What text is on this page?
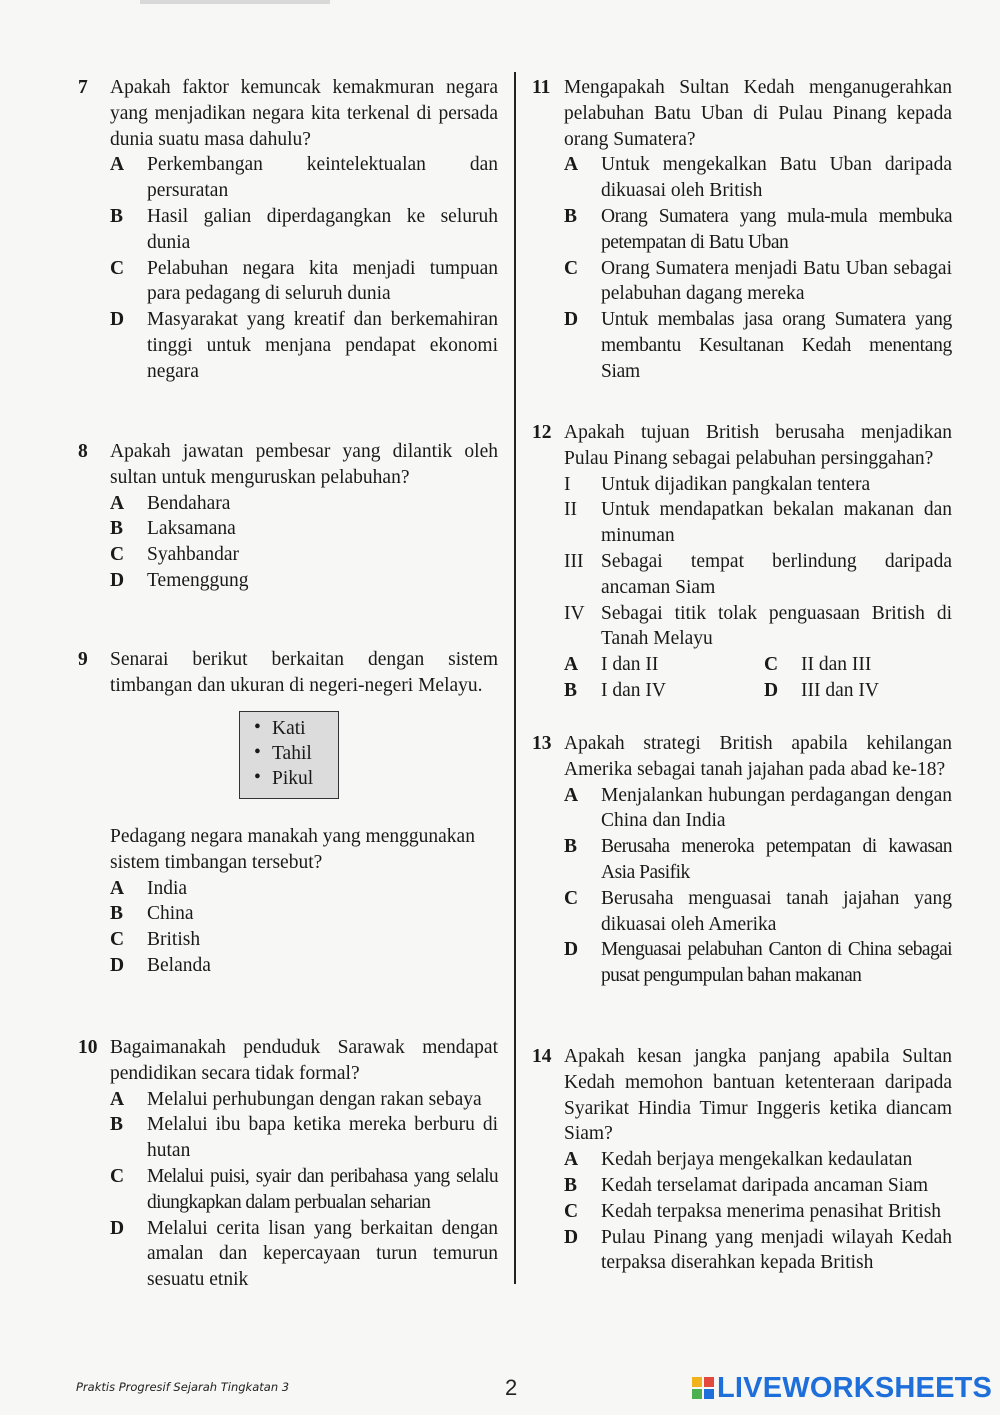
7 Apakah faktor kemuncak kemakmuran negara yang menjadikan negara kita terkenal di persada dunia suatu masa dahulu?
A Perkembangan keintelektualan dan persuratan
B Hasil galian diperdagangkan ke seluruh dunia
C Pelabuhan negara kita menjadi tumpuan para pedagang di seluruh dunia
D Masyarakat yang kreatif dan berkemahiran tinggi untuk menjana pendapat ekonomi negara
8 Apakah jawatan pembesar yang dilantik oleh sultan untuk menguruskan pelabuhan?
A Bendahara
B Laksamana
C Syahbandar
D Temenggung
9 Senarai berikut berkaitan dengan sistem timbangan dan ukuran di negeri-negeri Melayu.
• Kati
• Tahil
• Pikul
Pedagang negara manakah yang menggunakan sistem timbangan tersebut?
A India
B China
C British
D Belanda
10 Bagaimanakah penduduk Sarawak mendapat pendidikan secara tidak formal?
A Melalui perhubungan dengan rakan sebaya
B Melalui ibu bapa ketika mereka berburu di hutan
C Melalui puisi, syair dan peribahasa yang selalu diungkapkan dalam perbualan seharian
D Melalui cerita lisan yang berkaitan dengan amalan dan kepercayaan turun temurun sesuatu etnik
11 Mengapakah Sultan Kedah menganugerahkan pelabuhan Batu Uban di Pulau Pinang kepada orang Sumatera?
A Untuk mengekalkan Batu Uban daripada dikuasai oleh British
B Orang Sumatera yang mula-mula membuka petempatan di Batu Uban
C Orang Sumatera menjadi Batu Uban sebagai pelabuhan dagang mereka
D Untuk membalas jasa orang Sumatera yang membantu Kesultanan Kedah menentang Siam
12 Apakah tujuan British berusaha menjadikan Pulau Pinang sebagai pelabuhan persinggahan?
I Untuk dijadikan pangkalan tentera
II Untuk mendapatkan bekalan makanan dan minuman
III Sebagai tempat berlindung daripada ancaman Siam
IV Sebagai titik tolak penguasaan British di Tanah Melayu
A I dan II	C II dan III
B I dan IV	D III dan IV
13 Apakah strategi British apabila kehilangan Amerika sebagai tanah jajahan pada abad ke-18?
A Menjalankan hubungan perdagangan dengan China dan India
B Berusaha meneroka petempatan di kawasan Asia Pasifik
C Berusaha menguasai tanah jajahan yang dikuasai oleh Amerika
D Menguasai pelabuhan Canton di China sebagai pusat pengumpulan bahan makanan
14 Apakah kesan jangka panjang apabila Sultan Kedah memohon bantuan ketenteraan daripada Syarikat Hindia Timur Inggeris ketika diancam Siam?
A Kedah berjaya mengekalkan kedaulatan
B Kedah terselamat daripada ancaman Siam
C Kedah terpaksa menerima penasihat British
D Pulau Pinang yang menjadi wilayah Kedah terpaksa diserahkan kepada British
Praktis Progresif Sejarah Tingkatan 3	2	LIVEWORKSHEETS
